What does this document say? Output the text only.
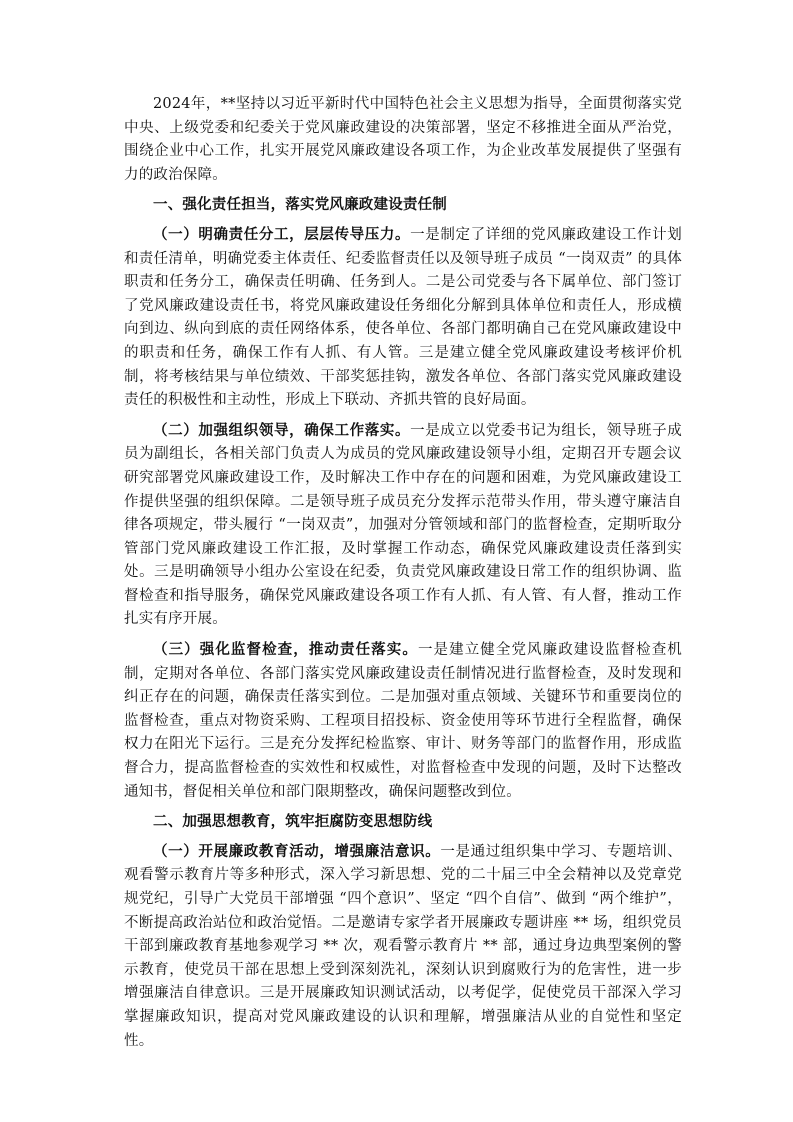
2024年，**坚持以习近平新时代中国特色社会主义思想为指导，全面贯彻落实党中央、上级党委和纪委关于党风廉政建设的决策部署，坚定不移推进全面从严治党，围绕企业中心工作，扎实开展党风廉政建设各项工作，为企业改革发展提供了坚强有力的政治保障。

一、强化责任担当，落实党风廉政建设责任制

（一）明确责任分工，层层传导压力。一是制定了详细的党风廉政建设工作计划和责任清单，明确党委主体责任、纪委监督责任以及领导班子成员 “一岗双责” 的具体职责和任务分工，确保责任明确、任务到人。二是公司党委与各下属单位、部门签订了党风廉政建设责任书，将党风廉政建设任务细化分解到具体单位和责任人，形成横向到边、纵向到底的责任网络体系，使各单位、各部门都明确自己在党风廉政建设中的职责和任务，确保工作有人抓、有人管。三是建立健全党风廉政建设考核评价机制，将考核结果与单位绩效、干部奖惩挂钩，激发各单位、各部门落实党风廉政建设责任的积极性和主动性，形成上下联动、齐抓共管的良好局面。

（二）加强组织领导，确保工作落实。一是成立以党委书记为组长，领导班子成员为副组长，各相关部门负责人为成员的党风廉政建设领导小组，定期召开专题会议研究部署党风廉政建设工作，及时解决工作中存在的问题和困难，为党风廉政建设工作提供坚强的组织保障。二是领导班子成员充分发挥示范带头作用，带头遵守廉洁自律各项规定，带头履行 “一岗双责”，加强对分管领域和部门的监督检查，定期听取分管部门党风廉政建设工作汇报，及时掌握工作动态，确保党风廉政建设责任落到实处。三是明确领导小组办公室设在纪委，负责党风廉政建设日常工作的组织协调、监督检查和指导服务，确保党风廉政建设各项工作有人抓、有人管、有人督，推动工作扎实有序开展。

（三）强化监督检查，推动责任落实。一是建立健全党风廉政建设监督检查机制，定期对各单位、各部门落实党风廉政建设责任制情况进行监督检查，及时发现和纠正存在的问题，确保责任落实到位。二是加强对重点领域、关键环节和重要岗位的监督检查，重点对物资采购、工程项目招投标、资金使用等环节进行全程监督，确保权力在阳光下运行。三是充分发挥纪检监察、审计、财务等部门的监督作用，形成监督合力，提高监督检查的实效性和权威性，对监督检查中发现的问题，及时下达整改通知书，督促相关单位和部门限期整改，确保问题整改到位。

二、加强思想教育，筑牢拒腐防变思想防线

（一）开展廉政教育活动，增强廉洁意识。一是通过组织集中学习、专题培训、观看警示教育片等多种形式，深入学习新思想、党的二十届三中全会精神以及党章党规党纪，引导广大党员干部增强 “四个意识”、坚定 “四个自信”、做到 “两个维护”，不断提高政治站位和政治觉悟。二是邀请专家学者开展廉政专题讲座 ** 场，组织党员干部到廉政教育基地参观学习 ** 次，观看警示教育片 ** 部，通过身边典型案例的警示教育，使党员干部在思想上受到深刻洗礼，深刻认识到腐败行为的危害性，进一步增强廉洁自律意识。三是开展廉政知识测试活动，以考促学，促使党员干部深入学习掌握廉政知识，提高对党风廉政建设的认识和理解，增强廉洁从业的自觉性和坚定性。
